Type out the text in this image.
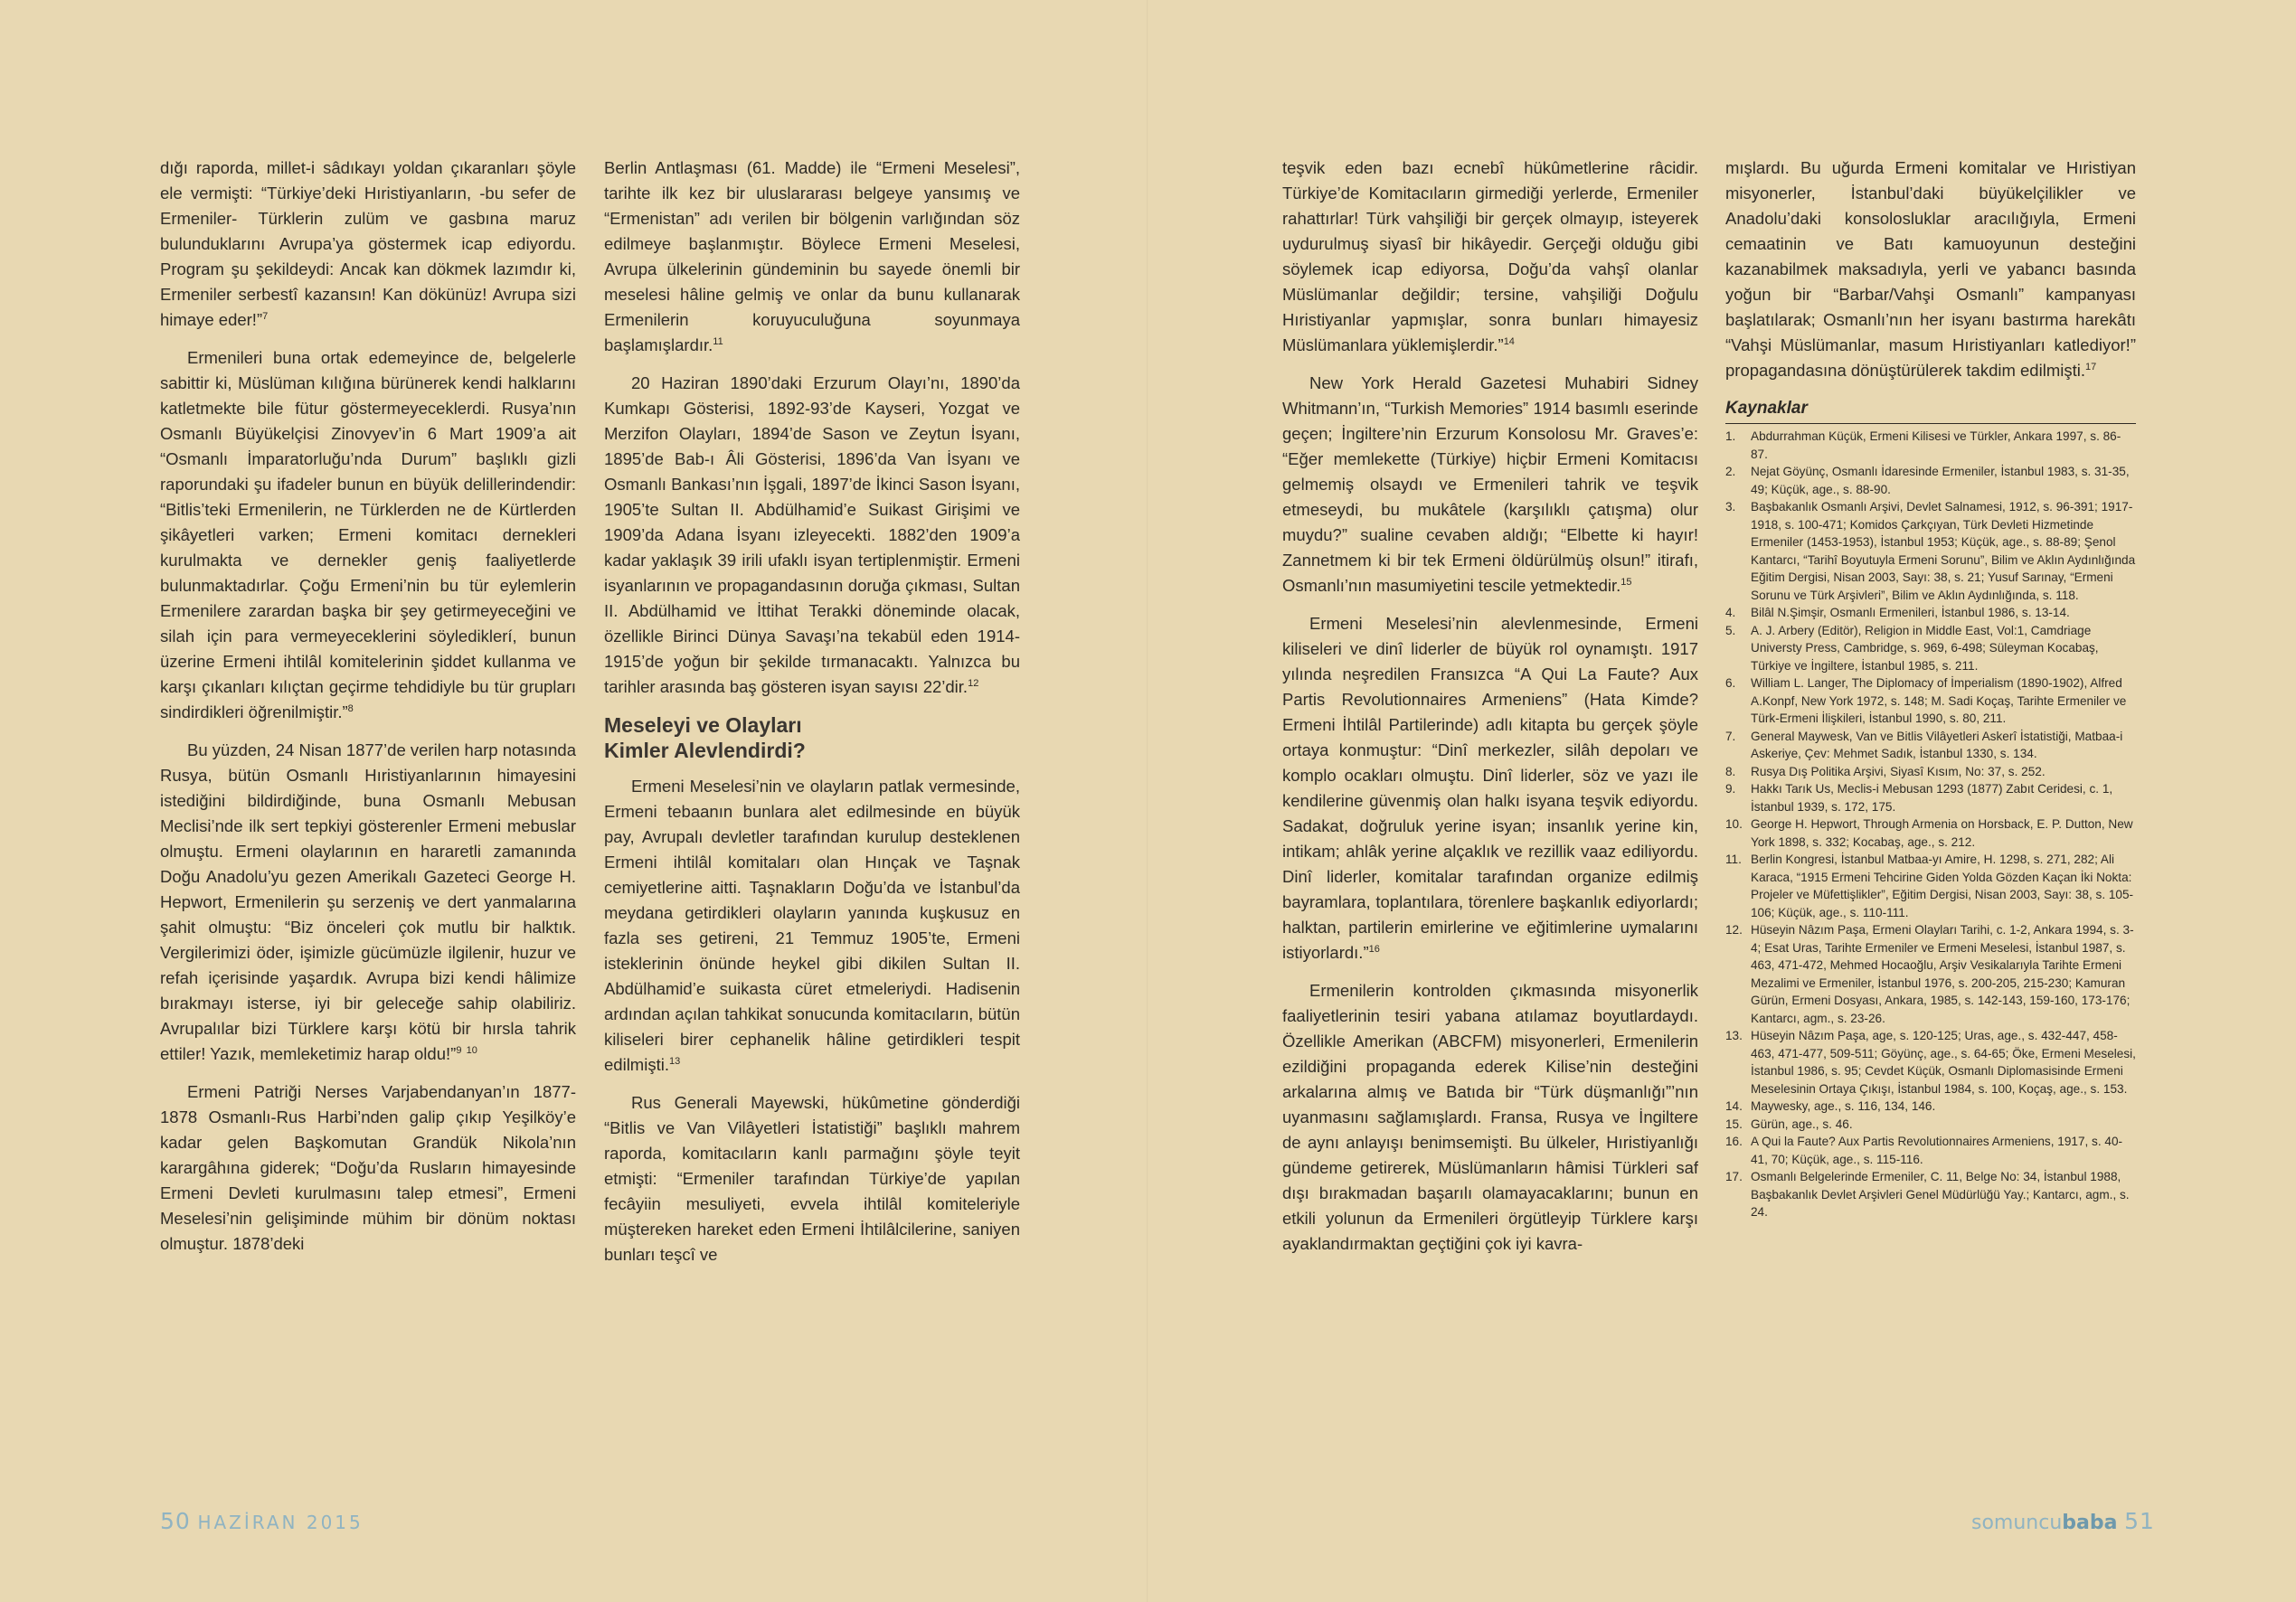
dığı raporda, millet-i sâdıkayı yoldan çıkaranları şöyle ele vermişti: “Türkiye’deki Hıristiyanların, -bu sefer de Ermeniler- Türklerin zulüm ve gasbına maruz bulunduklarını Avrupa’ya göstermek icap ediyordu. Program şu şekildeydi: Ancak kan dökmek lazımdır ki, Ermeniler serbestî kazansın! Kan dökünüz! Avrupa sizi himaye eder!”$^7$

Ermenileri buna ortak edemeyince de, belgelerle sabittir ki, Müslüman kılığına bürünerek kendi halklarını katletmekte bile fütur göstermeyeceklerdi. Rusya’nın Osmanlı Büyükelçisi Zinovyev’in 6 Mart 1909’a ait “Osmanlı İmparatorluğu’nda Durum” başlıklı gizli raporundaki şu ifadeler bunun en büyük delillerindendir: “Bitlis’teki Ermenilerin, ne Türklerden ne de Kürtlerden şikâyetleri varken; Ermeni komitacı dernekleri kurulmakta ve dernekler geniş faaliyetlerde bulunmaktadırlar. Çoğu Ermeni’nin bu tür eylemlerin Ermenilere zarardan başka bir şey getirmeyeceğini ve silah için para vermeyeceklerini söylediklerí, bunun üzerine Ermeni ihtilâl komitelerinin şiddet kullanma ve karşı çıkanları kılıçtan geçirme tehdidiyle bu tür grupları sindirdikleri öğrenilmiştir.”$^8$

Bu yüzden, 24 Nisan 1877’de verilen harp notasında Rusya, bütün Osmanlı Hıristiyanlarının himayesini istediğini bildirdiğinde, buna Osmanlı Mebusan Meclisi’nde ilk sert tepkiyi gösterenler Ermeni mebuslar olmuştu. Ermeni olaylarının en hararetli zamanında Doğu Anadolu’yu gezen Amerikalı Gazeteci George H. Hepwort, Ermenilerin şu serzeniş ve dert yanmalarına şahit olmuştu: “Biz önceleri çok mutlu bir halktık. Vergilerimizi öder, işimizle gücümüzle ilgilenir, huzur ve refah içerisinde yaşardık. Avrupa bizi kendi hâlimize bırakmayı isterse, iyi bir geleceğe sahip olabiliriz. Avrupalılar bizi Türklere karşı kötü bir hırsla tahrik ettiler! Yazık, memleketimiz harap oldu!”$^9$ $^{10}$

Ermeni Patriği Nerses Varjabendanyan’ın 1877-1878 Osmanlı-Rus Harbi’nden galip çıkıp Yeşilköy’e kadar gelen Başkomutan Grandük Nikola’nın karargâhına giderek; “Doğu’da Rusların himayesinde Ermeni Devleti kurulmasını talep etmesi”, Ermeni Meselesi’nin gelişiminde mühim bir dönüm noktası olmuştur. 1878’deki

Berlin Antlaşması (61. Madde) ile “Ermeni Meselesi”, tarihte ilk kez bir uluslararası belgeye yansımış ve “Ermenistan” adı verilen bir bölgenin varlığından söz edilmeye başlanmıştır. Böylece Ermeni Meselesi, Avrupa ülkelerinin gündeminin bu sayede önemli bir meselesi hâline gelmiş ve onlar da bunu kullanarak Ermenilerin koruyuculuğuna soyunmaya başlamışlardır.$^{11}$

20 Haziran 1890’daki Erzurum Olayı’nı, 1890’da Kumkapı Gösterisi, 1892-93’de Kayseri, Yozgat ve Merzifon Olayları, 1894’de Sason ve Zeytun İsyanı, 1895’de Bab-ı Âli Gösterisi, 1896’da Van İsyanı ve Osmanlı Bankası’nın İşgali, 1897’de İkinci Sason İsyanı, 1905’te Sultan II. Abdülhamid’e Suikast Girişimi ve 1909’da Adana İsyanı izleyecekti. 1882’den 1909’a kadar yaklaşık 39 irili ufaklı isyan tertiplenmiştir. Ermeni isyanlarının ve propagandasının doruğa çıkması, Sultan II. Abdülhamid ve İttihat Terakki döneminde olacak, özellikle Birinci Dünya Savaşı’na tekabül eden 1914-1915’de yoğun bir şekilde tırmanacaktı. Yalnızca bu tarihler arasında baş gösteren isyan sayısı 22’dir.$^{12}$

Meseleyi ve Olayları
Kimler Alevlendirdi?

Ermeni Meselesi’nin ve olayların patlak vermesinde, Ermeni tebaanın bunlara alet edilmesinde en büyük pay, Avrupalı devletler tarafından kurulup desteklenen Ermeni ihtilâl komitaları olan Hınçak ve Taşnak cemiyetlerine aitti. Taşnakların Doğu’da ve İstanbul’da meydana getirdikleri olayların yanında kuşkusuz en fazla ses getireni, 21 Temmuz 1905’te, Ermeni isteklerinin önünde heykel gibi dikilen Sultan II. Abdülhamid’e suikasta cüret etmeleriydi. Hadisenin ardından açılan tahkikat sonucunda komitacıların, bütün kiliseleri birer cephanelik hâline getirdikleri tespit edilmişti.$^{13}$

Rus Generali Mayewski, hükûmetine gönderdiği “Bitlis ve Van Vilâyetleri İstatistiği” başlıklı mahrem raporda, komitacıların kanlı parmağını şöyle teyit etmişti: “Ermeniler tarafından Türkiye’de yapılan fecâyiin mesuliyeti, evvela ihtilâl komiteleriyle müştereken hareket eden Ermeni İhtilâlcilerine, saniyen bunları teşcî ve

50 HAZİRAN 2015

teşvik eden bazı ecnebî hükûmetlerine râcidir. Türkiye’de Komitacıların girmediği yerlerde, Ermeniler rahattırlar! Türk vahşiliği bir gerçek olmayıp, isteyerek uydurulmuş siyasî bir hikâyedir. Gerçeği olduğu gibi söylemek icap ediyorsa, Doğu’da vahşî olanlar Müslümanlar değildir; tersine, vahşiliği Doğulu Hıristiyanlar yapmışlar, sonra bunları himayesiz Müslümanlara yüklemişlerdir.”$^{14}$

New York Herald Gazetesi Muhabiri Sidney Whitmann’ın, “Turkish Memories” 1914 basımlı eserinde geçen; İngiltere’nin Erzurum Konsolosu Mr. Graves’e: “Eğer memlekette (Türkiye) hiçbir Ermeni Komitacısı gelmemiş olsaydı ve Ermenileri tahrik ve teşvik etmeseydi, bu mukâtele (karşılıklı çatışma) olur muydu?” sualine cevaben aldığı; “Elbette ki hayır! Zannetmem ki bir tek Ermeni öldürülmüş olsun!” itirafı, Osmanlı’nın masumiyetini tescile yetmektedir.$^{15}$

Ermeni Meselesi’nin alevlenmesinde, Ermeni kiliseleri ve dinî liderler de büyük rol oynamıştı. 1917 yılında neşredilen Fransızca “A Qui La Faute? Aux Partis Revolutionnaires Armeniens” (Hata Kimde? Ermeni İhtilâl Partilerinde) adlı kitapta bu gerçek şöyle ortaya konmuştur: “Dinî merkezler, silâh depoları ve komplo ocakları olmuştu. Dinî liderler, söz ve yazı ile kendilerine güvenmiş olan halkı isyana teşvik ediyordu. Sadakat, doğruluk yerine isyan; insanlık yerine kin, intikam; ahlâk yerine alçaklık ve rezillik vaaz ediliyordu. Dinî liderler, komitalar tarafından organize edilmiş bayramlara, toplantılara, törenlere başkanlık ediyorlardı; halktan, partilerin emirlerine ve eğitimlerine uymalarını istiyorlardı.”$^{16}$

Ermenilerin kontrolden çıkmasında misyonerlik faaliyetlerinin tesiri yabana atılamaz boyutlardaydı. Özellikle Amerikan (ABCFM) misyonerleri, Ermenilerin ezildiğini propaganda ederek Kilise’nin desteğini arkalarına almış ve Batıda bir “Türk düşmanlığı”’nın uyanmasını sağlamışlardı. Fransa, Rusya ve İngiltere de aynı anlayışı benimsemişti. Bu ülkeler, Hıristiyanlığı gündeme getirerek, Müslümanların hâmisi Türkleri saf dışı bırakmadan başarılı olamayacaklarını; bunun en etkili yolunun da Ermenileri örgütleyip Türklere karşı ayaklandırmaktan geçtiğini çok iyi kavra-

mışlardı. Bu uğurda Ermeni komitalar ve Hıristiyan misyonerler, İstanbul’daki büyükelçilikler ve Anadolu’daki konsolosluklar aracılığıyla, Ermeni cemaatinin ve Batı kamuoyunun desteğini kazanabilmek maksadıyla, yerli ve yabancı basında yoğun bir “Barbar/Vahşi Osmanlı” kampanyası başlatılarak; Osmanlı’nın her isyanı bastırma harekâtı “Vahşi Müslümanlar, masum Hıristiyanları katlediyor!” propagandasına dönüştürülerek takdim edilmişti.$^{17}$

Kaynaklar
1. Abdurrahman Küçük, Ermeni Kilisesi ve Türkler, Ankara 1997, s. 86-87.
2. Nejat Göyünç, Osmanlı İdaresinde Ermeniler, İstanbul 1983, s. 31-35, 49; Küçük, age., s. 88-90.
3. Başbakanlık Osmanlı Arşivi, Devlet Salnamesi, 1912, s. 96-391; 1917-1918, s. 100-471; Komidos Çarkçıyan, Türk Devleti Hizmetinde Ermeniler (1453-1953), İstanbul 1953; Küçük, age., s. 88-89; Şenol Kantarcı, “Tarihî Boyutuyla Ermeni Sorunu”, Bilim ve Aklın Aydınlığında Eğitim Dergisi, Nisan 2003, Sayı: 38, s. 21; Yusuf Sarınay, “Ermeni Sorunu ve Türk Arşivleri”, Bilim ve Aklın Aydınlığında, s. 118.
4. Bilâl N.Şimşir, Osmanlı Ermenileri, İstanbul 1986, s. 13-14.
5. A. J. Arbery (Editör), Religion in Middle East, Vol:1, Camdriage Universty Press, Cambridge, s. 969, 6-498; Süleyman Kocabaş, Türkiye ve İngiltere, İstanbul 1985, s. 211.
6. William L. Langer, The Diplomacy of İmperialism (1890-1902), Alfred A.Konpf, New York 1972, s. 148; M. Sadi Koçaş, Tarihte Ermeniler ve Türk-Ermeni İlişkileri, İstanbul 1990, s. 80, 211.
7. General Maywesk, Van ve Bitlis Vilâyetleri Askerî İstatistiği, Matbaa-i Askeriye, Çev: Mehmet Sadık, İstanbul 1330, s. 134.
8. Rusya Dış Politika Arşivi, Siyasî Kısım, No: 37, s. 252.
9. Hakkı Tarık Us, Meclis-i Mebusan 1293 (1877) Zabıt Ceridesi, c. 1, İstanbul 1939, s. 172, 175.
10. George H. Hepwort, Through Armenia on Horsback, E. P. Dutton, New York 1898, s. 332; Kocabaş, age., s. 212.
11. Berlin Kongresi, İstanbul Matbaa-yı Amire, H. 1298, s. 271, 282; Ali Karaca, “1915 Ermeni Tehcirine Giden Yolda Gözden Kaçan İki Nokta: Projeler ve Müfettişlikler”, Eğitim Dergisi, Nisan 2003, Sayı: 38, s. 105-106; Küçük, age., s. 110-111.
12. Hüseyin Nâzım Paşa, Ermeni Olayları Tarihi, c. 1-2, Ankara 1994, s. 3-4; Esat Uras, Tarihte Ermeniler ve Ermeni Meselesi, İstanbul 1987, s. 463, 471-472, Mehmed Hocaoğlu, Arşiv Vesikalarıyla Tarihte Ermeni Mezalimi ve Ermeniler, İstanbul 1976, s. 200-205, 215-230; Kamuran Gürün, Ermeni Dosyası, Ankara, 1985, s. 142-143, 159-160, 173-176; Kantarcı, agm., s. 23-26.
13. Hüseyin Nâzım Paşa, age, s. 120-125; Uras, age., s. 432-447, 458-463, 471-477, 509-511; Göyünç, age., s. 64-65; Öke, Ermeni Meselesi, İstanbul 1986, s. 95; Cevdet Küçük, Osmanlı Diplomasisinde Ermeni Meselesinin Ortaya Çıkışı, İstanbul 1984, s. 100, Koçaş, age., s. 153.
14. Maywesky, age., s. 116, 134, 146.
15. Gürün, age., s. 46.
16. A Qui la Faute? Aux Partis Revolutionnaires Armeniens, 1917, s. 40-41, 70; Küçük, age., s. 115-116.
17. Osmanlı Belgelerinde Ermeniler, C. 11, Belge No: 34, İstanbul 1988, Başbakanlık Devlet Arşivleri Genel Müdürlüğü Yay.; Kantarcı, agm., s. 24.
somuncubaba 51
